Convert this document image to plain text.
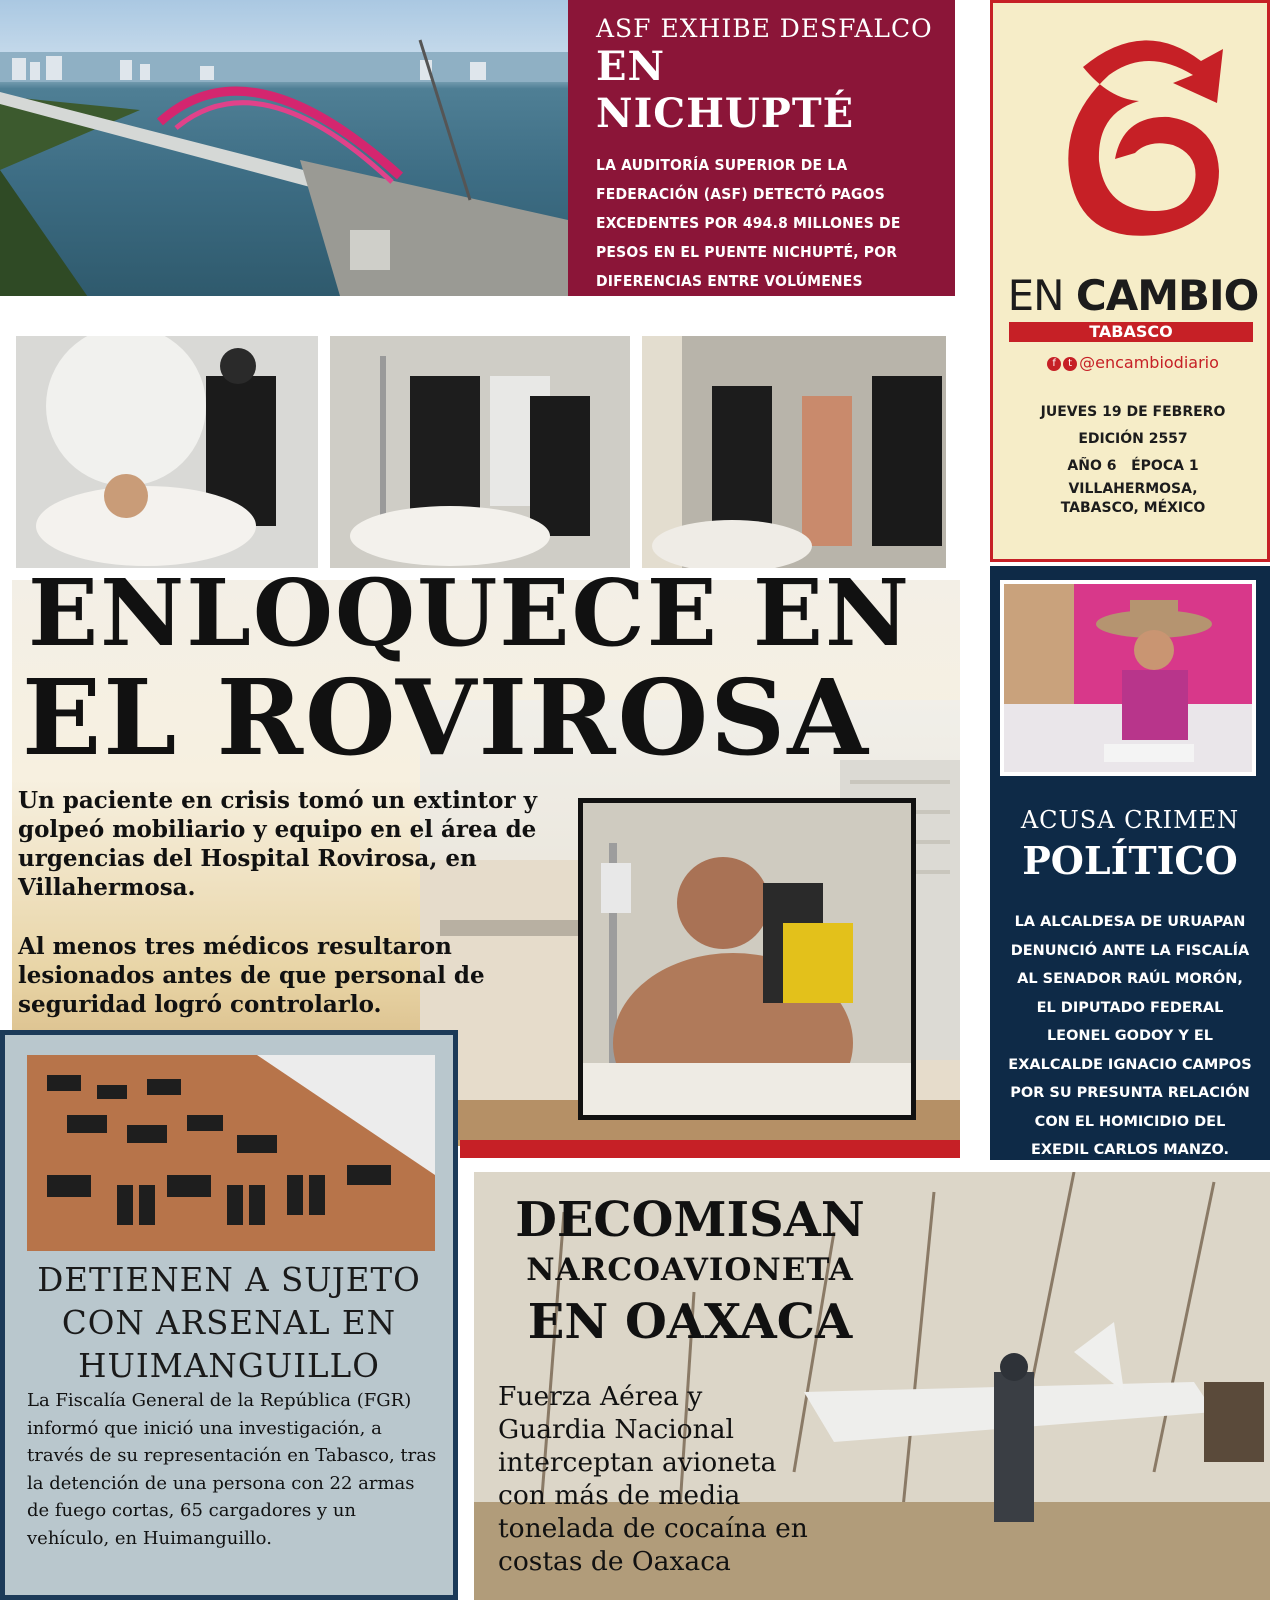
ASF EXHIBE DESFALCO
EN NICHUPTÉ
LA AUDITORÍA SUPERIOR DE LA FEDERACIÓN (ASF) DETECTÓ PAGOS EXCEDENTES POR 494.8 MILLONES DE PESOS EN EL PUENTE NICHUPTÉ, POR DIFERENCIAS ENTRE VOLÚMENES CONTRATADOS Y EJECUTADOS, ADEMÁS	EN CAMBIO
TABASCO
f t @encambiodiario
JUEVES 19 DE FEBRERO
EDICIÓN 2557
AÑO 6   ÉPOCA 1
VILLAHERMOSA,
TABASCO, MÉXICO
ENLOQUECE EN
EL ROVIROSA

Un paciente en crisis tomó un extintor y golpeó mobiliario y equipo en el área de urgencias del Hospital Rovirosa, en Villahermosa.

Al menos tres médicos resultaron lesionados antes de que personal de seguridad logró controlarlo.

ACUSA CRIMEN
POLÍTICO
LA ALCALDESA DE URUAPAN DENUNCIÓ ANTE LA FISCALÍA AL SENADOR RAÚL MORÓN, EL DIPUTADO FEDERAL LEONEL GODOY Y EL EXALCALDE IGNACIO CAMPOS POR SU PRESUNTA RELACIÓN CON EL HOMICIDIO DEL EXEDIL CARLOS MANZO.
DETIENEN A SUJETO CON ARSENAL EN HUIMANGUILLO
La Fiscalía General de la República (FGR) informó que inició una investigación, a través de su representación en Tabasco, tras la detención de una persona con 22 armas de fuego cortas, 65 cargadores y un vehículo, en Huimanguillo.
DECOMISAN
NARCOAVIONETA
EN OAXACA
Fuerza Aérea y Guardia Nacional interceptan avioneta con más de media tonelada de cocaína en costas de Oaxaca
